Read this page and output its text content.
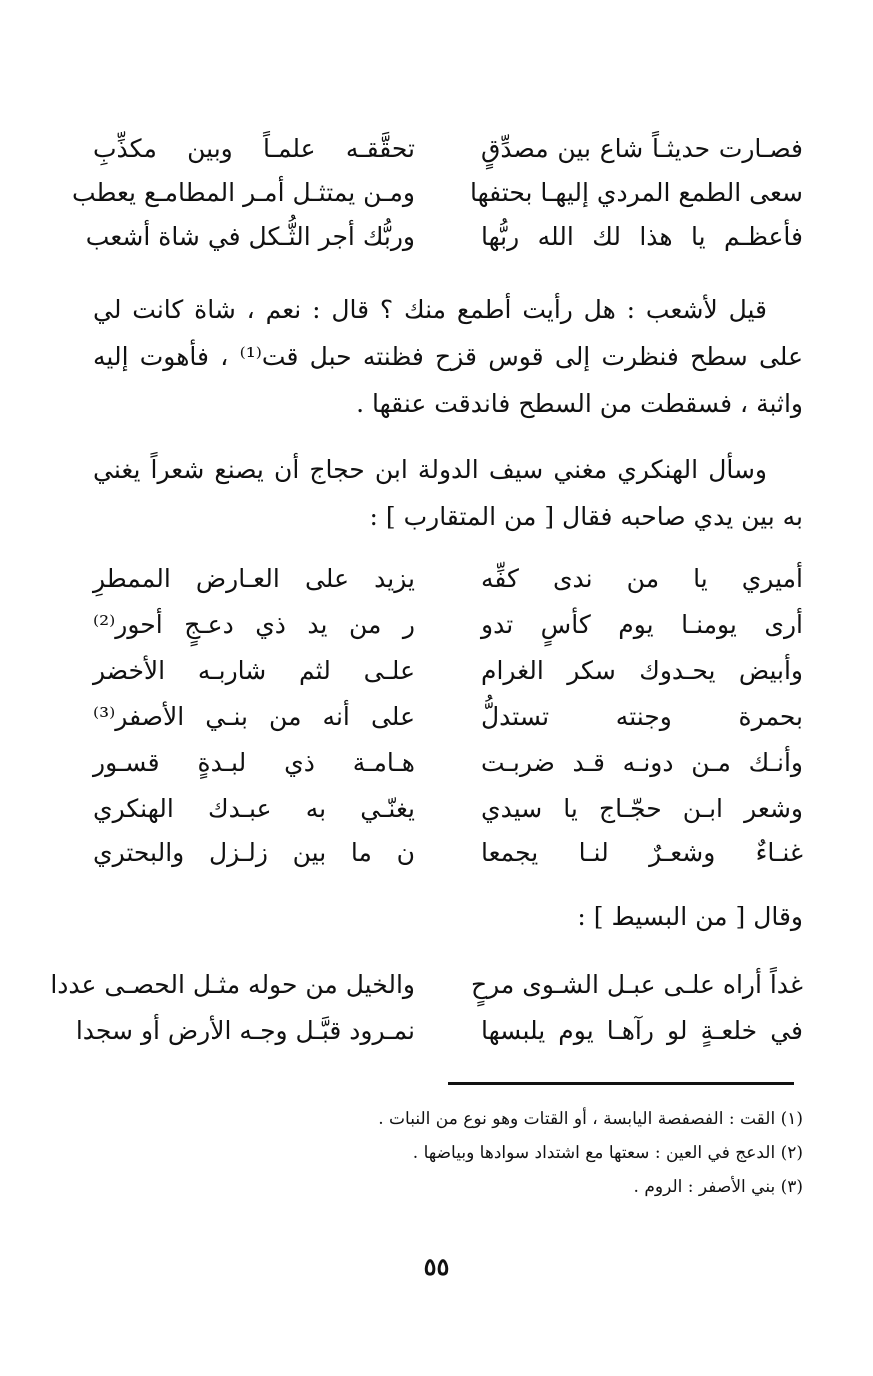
فصـارت حديثـاً شاع بين مصدِّقٍ
تحقَّقـه علمـاً وبين مكذِّبِ
سعى الطمع المردي إليهـا بحتفها
ومـن يمتثـل أمـر المطامـع يعطب
فأعظـم يا هذا لك الله ربُّها
وربُّك أجر الثُّـكل في شاة أشعب

قيل لأشعب : هل رأيت أطمع منك ؟ قال : نعم ، شاة كانت لي على سطح فنظرت إلى قوس قزح فظنته حبل قت⁽¹⁾ ، فأهوت إليه واثبة ، فسقطت من السطح فاندقت عنقها .

وسأل الهنكري مغني سيف الدولة ابن حجاج أن يصنع شعراً يغني به بين يدي صاحبه فقال [ من المتقارب ] :

أميري يا من ندى كفِّه
يزيد على العـارض الممطرِ
أرى يومنـا يوم كأسٍ تدو
ر من يد ذي دعـجٍ أحور⁽²⁾
وأبيض يحـدوك سكر الغرام
علـى لثم شاربـه الأخضر
بحمرة وجنته تستدلُّ
على أنه من بنـي الأصفر⁽³⁾
وأنـك مـن دونـه قـد ضربـت
هـامـة ذي لبـدةٍ قسـور
وشعر ابـن حجّـاج يا سيدي
يغنّـي به عبـدك الهنكري
غنـاءٌ وشعـرٌ لنـا يجمعا
ن ما بين زلـزل والبحتري
وقال [ من البسيط ] :
غداً أراه علـى عبـل الشـوى مرحٍ
والخيل من حوله مثـل الحصـى عددا
في خلعـةٍ لو رآهـا يوم يلبسها
نمـرود قبَّـل وجـه الأرض أو سجدا
(١) القت : الفصفصة اليابسة ، أو القتات وهو نوع من النبات .
(٢) الدعج في العين : سعتها مع اشتداد سوادها وبياضها .
(٣) بني الأصفر : الروم .
٥٥
